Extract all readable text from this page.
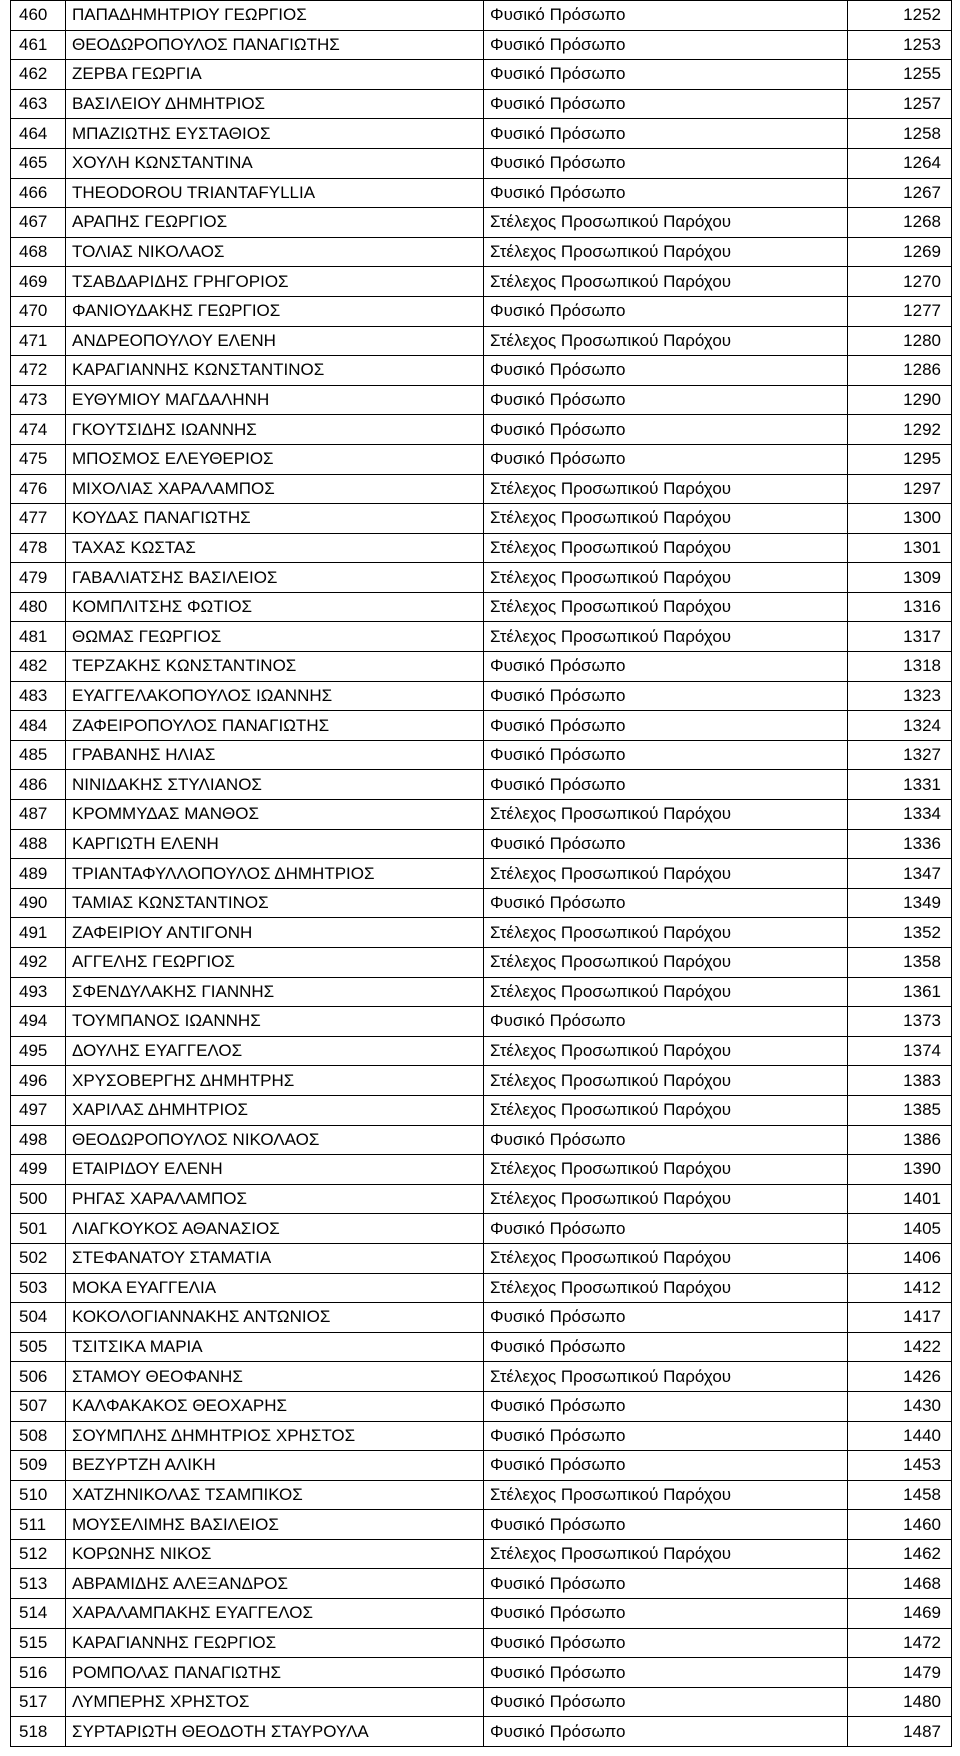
460	ΠΑΠΑΔΗΜΗΤΡΙΟΥ ΓΕΩΡΓΙΟΣ	Φυσικό Πρόσωπο	1252
461	ΘΕΟΔΩΡΟΠΟΥΛΟΣ ΠΑΝΑΓΙΩΤΗΣ	Φυσικό Πρόσωπο	1253
462	ΖΕΡΒΑ ΓΕΩΡΓΙΑ	Φυσικό Πρόσωπο	1255
463	ΒΑΣΙΛΕΙΟΥ ΔΗΜΗΤΡΙΟΣ	Φυσικό Πρόσωπο	1257
464	ΜΠΑΖΙΩΤΗΣ ΕΥΣΤΑΘΙΟΣ	Φυσικό Πρόσωπο	1258
465	ΧΟΥΛΗ ΚΩΝΣΤΑΝΤΙΝΑ	Φυσικό Πρόσωπο	1264
466	THEODOROU TRIANTAFYLLIA	Φυσικό Πρόσωπο	1267
467	ΑΡΑΠΗΣ ΓΕΩΡΓΙΟΣ	Στέλεχος Προσωπικού Παρόχου	1268
468	ΤΟΛΙΑΣ ΝΙΚΟΛΑΟΣ	Στέλεχος Προσωπικού Παρόχου	1269
469	ΤΣΑΒΔΑΡΙΔΗΣ ΓΡΗΓΟΡΙΟΣ	Στέλεχος Προσωπικού Παρόχου	1270
470	ΦΑΝΙΟΥΔΑΚΗΣ ΓΕΩΡΓΙΟΣ	Φυσικό Πρόσωπο	1277
471	ΑΝΔΡΕΟΠΟΥΛΟΥ ΕΛΕΝΗ	Στέλεχος Προσωπικού Παρόχου	1280
472	ΚΑΡΑΓΙΑΝΝΗΣ ΚΩΝΣΤΑΝΤΙΝΟΣ	Φυσικό Πρόσωπο	1286
473	ΕΥΘΥΜΙΟΥ ΜΑΓΔΑΛΗΝΗ	Φυσικό Πρόσωπο	1290
474	ΓΚΟΥΤΣΙΔΗΣ ΙΩΑΝΝΗΣ	Φυσικό Πρόσωπο	1292
475	ΜΠΟΣΜΟΣ ΕΛΕΥΘΕΡΙΟΣ	Φυσικό Πρόσωπο	1295
476	ΜΙΧΟΛΙΑΣ ΧΑΡΑΛΑΜΠΟΣ	Στέλεχος Προσωπικού Παρόχου	1297
477	ΚΟΥΔΑΣ ΠΑΝΑΓΙΩΤΗΣ	Στέλεχος Προσωπικού Παρόχου	1300
478	ΤΑΧΑΣ ΚΩΣΤΑΣ	Στέλεχος Προσωπικού Παρόχου	1301
479	ΓΑΒΑΛΙΑΤΣΗΣ ΒΑΣΙΛΕΙΟΣ	Στέλεχος Προσωπικού Παρόχου	1309
480	ΚΟΜΠΛΙΤΣΗΣ ΦΩΤΙΟΣ	Στέλεχος Προσωπικού Παρόχου	1316
481	ΘΩΜΑΣ ΓΕΩΡΓΙΟΣ	Στέλεχος Προσωπικού Παρόχου	1317
482	ΤΕΡΖΑΚΗΣ ΚΩΝΣΤΑΝΤΙΝΟΣ	Φυσικό Πρόσωπο	1318
483	ΕΥΑΓΓΕΛΑΚΟΠΟΥΛΟΣ ΙΩΑΝΝΗΣ	Φυσικό Πρόσωπο	1323
484	ΖΑΦΕΙΡΟΠΟΥΛΟΣ ΠΑΝΑΓΙΩΤΗΣ	Φυσικό Πρόσωπο	1324
485	ΓΡΑΒΑΝΗΣ ΗΛΙΑΣ	Φυσικό Πρόσωπο	1327
486	ΝΙΝΙΔΑΚΗΣ ΣΤΥΛΙΑΝΟΣ	Φυσικό Πρόσωπο	1331
487	ΚΡΟΜΜΥΔΑΣ ΜΑΝΘΟΣ	Στέλεχος Προσωπικού Παρόχου	1334
488	ΚΑΡΓΙΩΤΗ ΕΛΕΝΗ	Φυσικό Πρόσωπο	1336
489	ΤΡΙΑΝΤΑΦΥΛΛΟΠΟΥΛΟΣ ΔΗΜΗΤΡΙΟΣ	Στέλεχος Προσωπικού Παρόχου	1347
490	ΤΑΜΙΑΣ ΚΩΝΣΤΑΝΤΙΝΟΣ	Φυσικό Πρόσωπο	1349
491	ΖΑΦΕΙΡΙΟΥ ΑΝΤΙΓΟΝΗ	Στέλεχος Προσωπικού Παρόχου	1352
492	ΑΓΓΕΛΗΣ ΓΕΩΡΓΙΟΣ	Στέλεχος Προσωπικού Παρόχου	1358
493	ΣΦΕΝΔΥΛΑΚΗΣ ΓΙΑΝΝΗΣ	Στέλεχος Προσωπικού Παρόχου	1361
494	ΤΟΥΜΠΑΝΟΣ ΙΩΑΝΝΗΣ	Φυσικό Πρόσωπο	1373
495	ΔΟΥΛΗΣ ΕΥΑΓΓΕΛΟΣ	Στέλεχος Προσωπικού Παρόχου	1374
496	ΧΡΥΣΟΒΕΡΓΗΣ ΔΗΜΗΤΡΗΣ	Στέλεχος Προσωπικού Παρόχου	1383
497	ΧΑΡΙΛΑΣ ΔΗΜΗΤΡΙΟΣ	Στέλεχος Προσωπικού Παρόχου	1385
498	ΘΕΟΔΩΡΟΠΟΥΛΟΣ ΝΙΚΟΛΑΟΣ	Φυσικό Πρόσωπο	1386
499	ΕΤΑΙΡΙΔΟΥ ΕΛΕΝΗ	Στέλεχος Προσωπικού Παρόχου	1390
500	ΡΗΓΑΣ ΧΑΡΑΛΑΜΠΟΣ	Στέλεχος Προσωπικού Παρόχου	1401
501	ΛΙΑΓΚΟΥΚΟΣ ΑΘΑΝΑΣΙΟΣ	Φυσικό Πρόσωπο	1405
502	ΣΤΕΦΑΝΑΤΟΥ ΣΤΑΜΑΤΙΑ	Στέλεχος Προσωπικού Παρόχου	1406
503	ΜΟΚΑ ΕΥΑΓΓΕΛΙΑ	Στέλεχος Προσωπικού Παρόχου	1412
504	ΚΟΚΟΛΟΓΙΑΝΝΑΚΗΣ ΑΝΤΩΝΙΟΣ	Φυσικό Πρόσωπο	1417
505	ΤΣΙΤΣΙΚΑ ΜΑΡΙΑ	Φυσικό Πρόσωπο	1422
506	ΣΤΑΜΟΥ ΘΕΟΦΑΝΗΣ	Στέλεχος Προσωπικού Παρόχου	1426
507	ΚΑΛΦΑΚΑΚΟΣ ΘΕΟΧΑΡΗΣ	Φυσικό Πρόσωπο	1430
508	ΣΟΥΜΠΛΗΣ ΔΗΜΗΤΡΙΟΣ ΧΡΗΣΤΟΣ	Φυσικό Πρόσωπο	1440
509	ΒΕΖΥΡΤΖΗ ΑΛΙΚΗ	Φυσικό Πρόσωπο	1453
510	ΧΑΤΖΗΝΙΚΟΛΑΣ ΤΣΑΜΠΙΚΟΣ	Στέλεχος Προσωπικού Παρόχου	1458
511	ΜΟΥΣΕΛΙΜΗΣ ΒΑΣΙΛΕΙΟΣ	Φυσικό Πρόσωπο	1460
512	ΚΟΡΩΝΗΣ ΝΙΚΟΣ	Στέλεχος Προσωπικού Παρόχου	1462
513	ΑΒΡΑΜΙΔΗΣ ΑΛΕΞΑΝΔΡΟΣ	Φυσικό Πρόσωπο	1468
514	ΧΑΡΑΛΑΜΠΑΚΗΣ ΕΥΑΓΓΕΛΟΣ	Φυσικό Πρόσωπο	1469
515	ΚΑΡΑΓΙΑΝΝΗΣ ΓΕΩΡΓΙΟΣ	Φυσικό Πρόσωπο	1472
516	ΡΟΜΠΟΛΑΣ ΠΑΝΑΓΙΩΤΗΣ	Φυσικό Πρόσωπο	1479
517	ΛΥΜΠΕΡΗΣ ΧΡΗΣΤΟΣ	Φυσικό Πρόσωπο	1480
518	ΣΥΡΤΑΡΙΩΤΗ ΘΕΟΔΟΤΗ ΣΤΑΥΡΟΥΛΑ	Φυσικό Πρόσωπο	1487
